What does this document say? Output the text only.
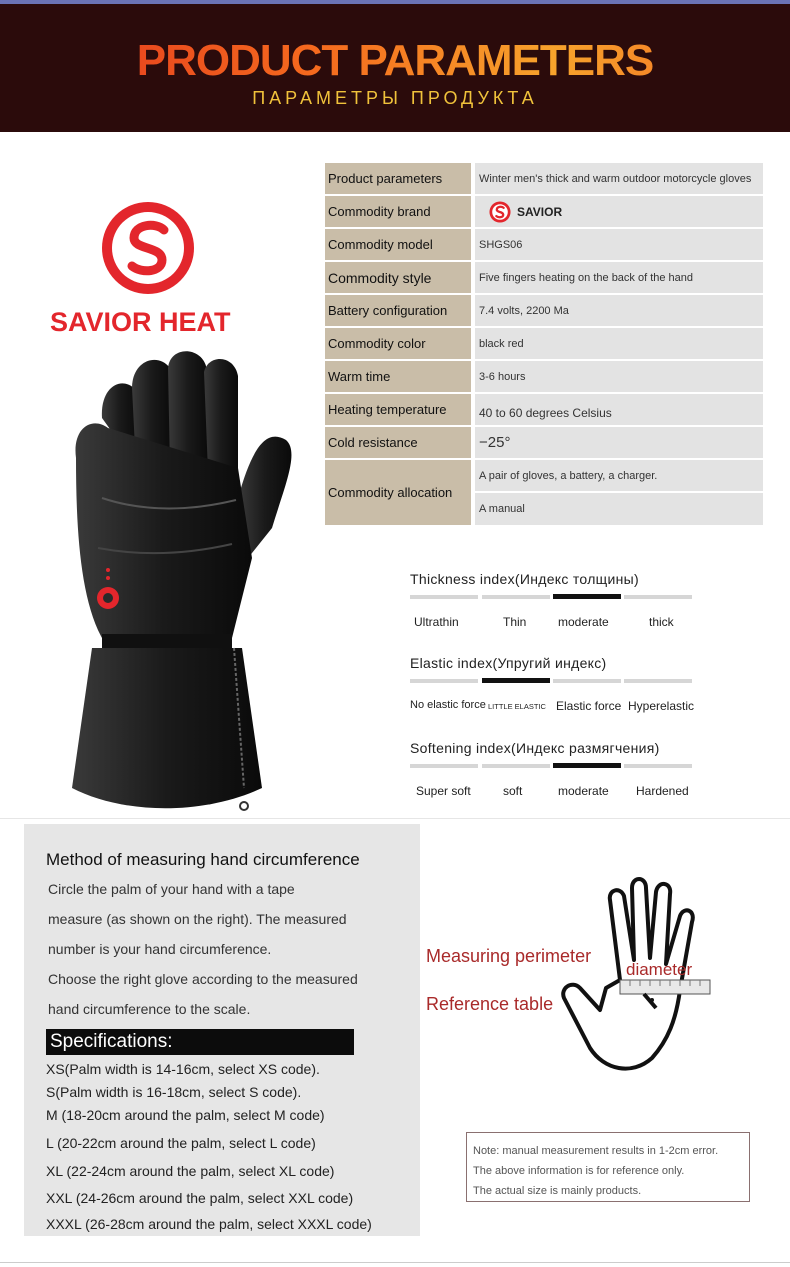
PRODUCT PARAMETERS
ПАРАМЕТРЫ ПРОДУКТА
SAVIOR HEAT
Product parameters	Winter men's thick and warm outdoor motorcycle gloves
Commodity brand	SAVIOR
Commodity model	SHGS06
Commodity style	Five fingers heating on the back of the hand
Battery configuration	7.4 volts, 2200 Ma
Commodity color	black red
Warm time	3-6 hours
Heating temperature	40 to 60 degrees Celsius
Cold resistance	−25°
Commodity allocation
A pair of gloves, a battery, a charger.
A manual
Thickness index(Индекс толщины)
Ultrathin	Thin	moderate	thick
Elastic index(Упругий индекс)
No elastic force LITTLE ELASTIC Elastic force Hyperelastic
Softening index(Индекс размягчения)
Super soft	soft	moderate Hardened
Method of measuring hand circumference
Circle the palm of your hand with a tape
measure (as shown on the right). The measured
number is your hand circumference.
Choose the right glove according to the measured
hand circumference to the scale.
Specifications:
XS(Palm width is 14-16cm, select XS code).
S(Palm width is 16-18cm, select S code).
M (18-20cm around the palm, select M code)
L (20-22cm around the palm, select L code)
XL (22-24cm around the palm, select XL code)
XXL (24-26cm around the palm, select XXL code)
XXXL (26-28cm around the palm, select XXXL code)
Measuring perimeter
diameter
Reference table
Note: manual measurement results in 1-2cm error.
The above information is for reference only.
The actual size is mainly products.
